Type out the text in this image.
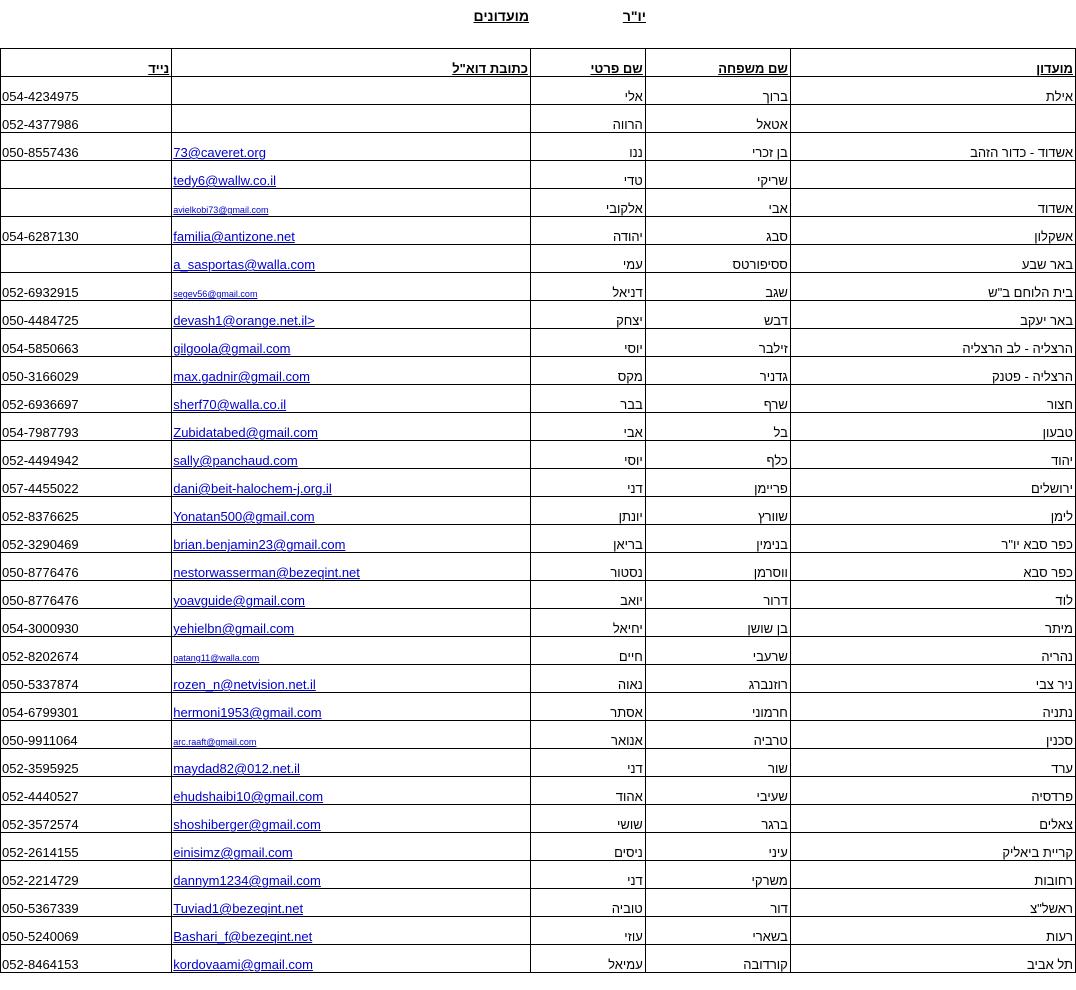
יו"ר
מועדונים
נייד	כתובת דוא"ל	שם פרטי	שם משפחה	מועדון
054-4234975		אלי	ברוך	אילת
052-4377986		הרווה	אטאל	
050-8557436	73@caveret.org	ננו	בן זכרי	אשדוד - כדור הזהב
	tedy6@wallw.co.il	טדי	שריקי	
	avielkobi73@gmail.com	אלקובי	אבי	אשדוד
054-6287130	familia@antizone.net	יהודה	סבג	אשקלון
	a_sasportas@walla.com	עמי	ססיפורטס	באר שבע
052-6932915	segev56@gmail.com	דניאל	שגב	בית הלוחם ב"ש
050-4484725	devash1@orange.net.il>	יצחק	דבש	באר יעקב
054-5850663	gilgoola@gmail.com	יוסי	זילבר	הרצליה - לב הרצליה
050-3166029	max.gadnir@gmail.com	מקס	גדניר	הרצליה - פטנק
052-6936697	sherf70@walla.co.il	בבר	שרף	חצור
054-7987793	Zubidatabed@gmail.com	אבי	בל	טבעון
052-4494942	sally@panchaud.com	יוסי	כלף	יהוד
057-4455022	dani@beit-halochem-j.org.il	דני	פריימן	ירושלים
052-8376625	Yonatan500@gmail.com	יונתן	שוורץ	לימן
052-3290469	brian.benjamin23@gmail.com	בריאן	בנימין	כפר סבא יו"ר
050-8776476	nestorwasserman@bezeqint.net	נסטור	ווסרמן	כפר סבא
050-8776476	yoavguide@gmail.com	יואב	דרור	לוד
054-3000930	yehielbn@gmail.com	יחיאל	בן שושן	מיתר
052-8202674	patang11@walla.com	חיים	שרעבי	נהריה
050-5337874	rozen_n@netvision.net.il	נאוה	רוזנברג	ניר צבי
054-6799301	hermoni1953@gmail.com	אסתר	חרמוני	נתניה
050-9911064	arc.raaft@gmail.com	אנואר	טרביה	סכנין
052-3595925	maydad82@012.net.il	דני	שור	ערד
052-4440527	ehudshaibi10@gmail.com	אהוד	שעיבי	פרדסיה
052-3572574	shoshiberger@gmail.com	שושי	ברגר	צאלים
052-2614155	einisimz@gmail.com	ניסים	עיני	קריית ביאליק
052-2214729	dannym1234@gmail.com	דני	משרקי	רחובות
050-5367339	Tuviad1@bezeqint.net	טוביה	דור	ראשל"צ
050-5240069	Bashari_f@bezeqint.net	עוזי	בשארי	רעות
052-8464153	kordovaami@gmail.com	עמיאל	קורדובה	תל אביב
